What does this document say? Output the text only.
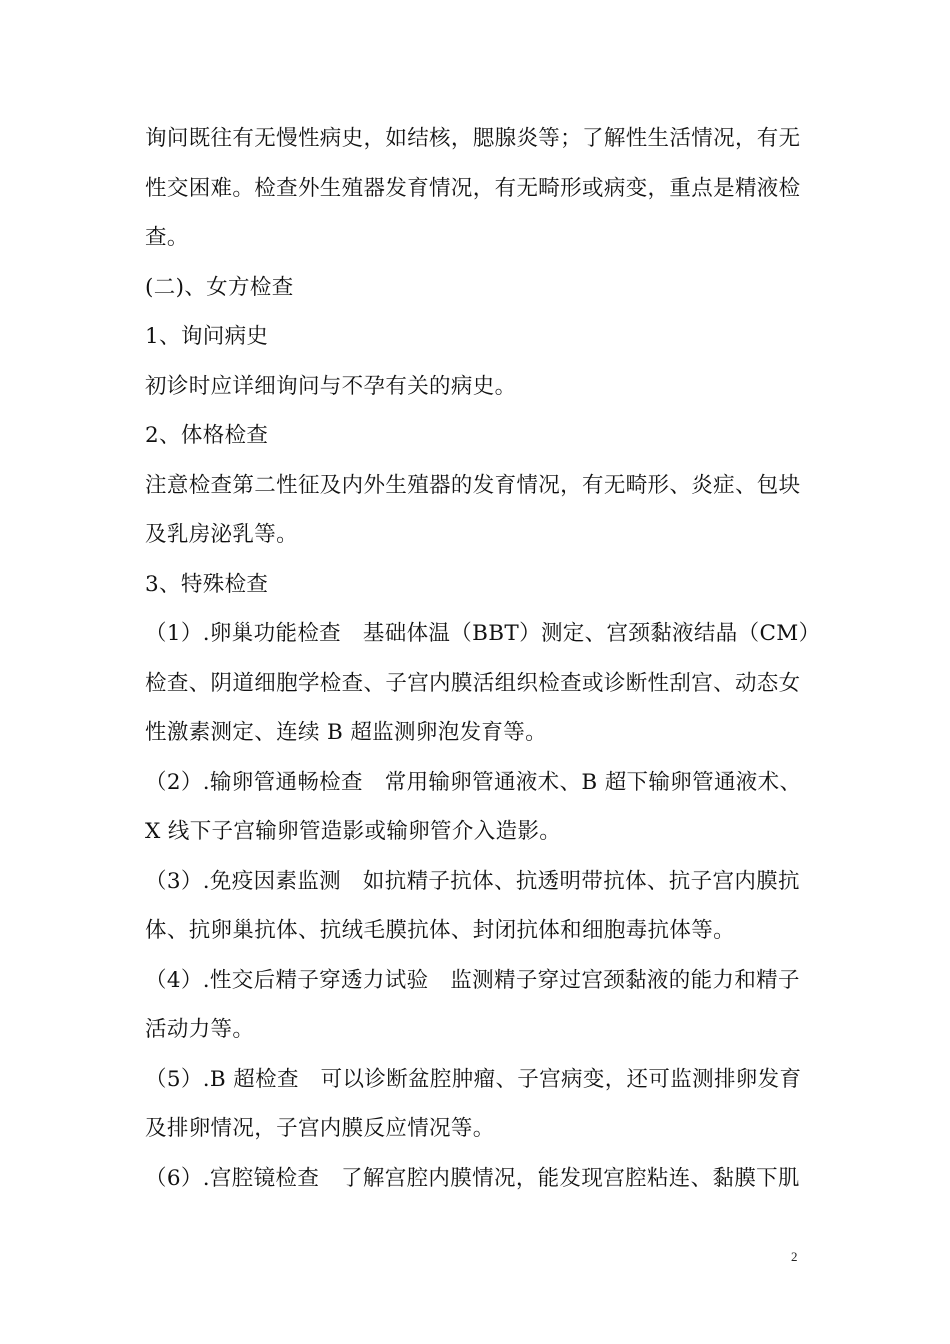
询问既往有无慢性病史，如结核，腮腺炎等；了解性生活情况，有无
性交困难。检查外生殖器发育情况，有无畸形或病变，重点是精液检
查。
(二)、女方检查
1、询问病史
初诊时应详细询问与不孕有关的病史。
2、体格检查
注意检查第二性征及内外生殖器的发育情况，有无畸形、炎症、包块
及乳房泌乳等。
3、特殊检查
（1）.卵巢功能检查　基础体温（BBT）测定、宫颈黏液结晶（CM）
检查、阴道细胞学检查、子宫内膜活组织检查或诊断性刮宫、动态女
性激素测定、连续 B 超监测卵泡发育等。
（2）.输卵管通畅检查　常用输卵管通液术、B 超下输卵管通液术、
X 线下子宫输卵管造影或输卵管介入造影。
（3）.免疫因素监测　如抗精子抗体、抗透明带抗体、抗子宫内膜抗
体、抗卵巢抗体、抗绒毛膜抗体、封闭抗体和细胞毒抗体等。
（4）.性交后精子穿透力试验　监测精子穿过宫颈黏液的能力和精子
活动力等。
（5）.B 超检查　可以诊断盆腔肿瘤、子宫病变，还可监测排卵发育
及排卵情况，子宫内膜反应情况等。
（6）.宫腔镜检查　了解宫腔内膜情况，能发现宫腔粘连、黏膜下肌
2
